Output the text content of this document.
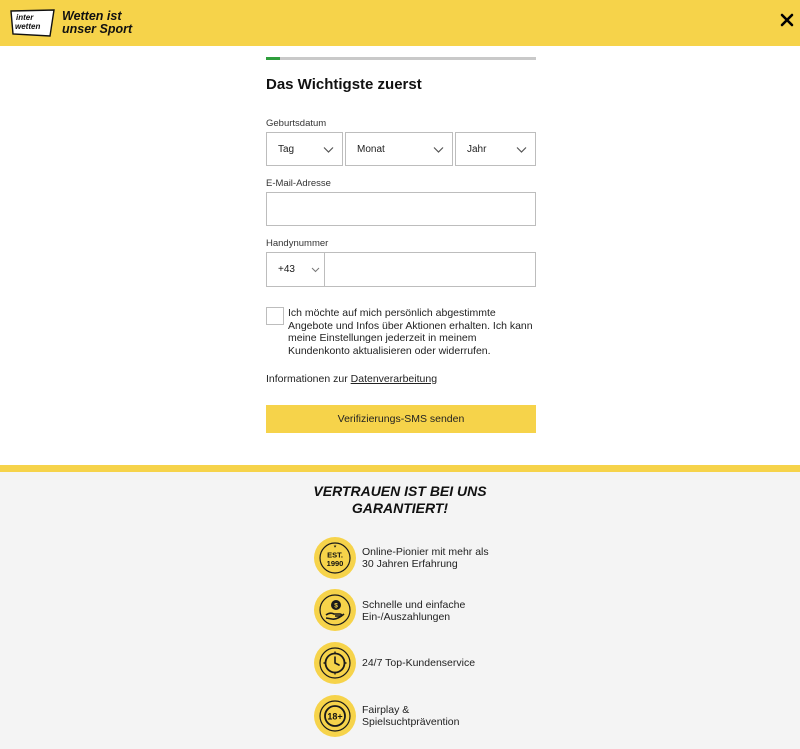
inter
wetten
Wetten ist
unser Sport
Das Wichtigste zuerst
Geburtsdatum
Tag	Monat	Jahr
E-Mail-Adresse
Handynummer
+43
Ich möchte auf mich persönlich abgestimmte Angebote und Infos über Aktionen erhalten. Ich kann meine Einstellungen jederzeit in meinem Kundenkonto aktualisieren oder widerrufen.
Informationen zur Datenverarbeitung
Verifizierungs-SMS senden
VERTRAUEN IST BEI UNS
GARANTIERT!
★
EST.
1990
Online-Pionier mit mehr als
30 Jahren Erfahrung
$ Schnelle und einfache
Ein-/Auszahlungen
24/7 Top-Kundenservice
18+
Fairplay &
Spielsuchtprävention
